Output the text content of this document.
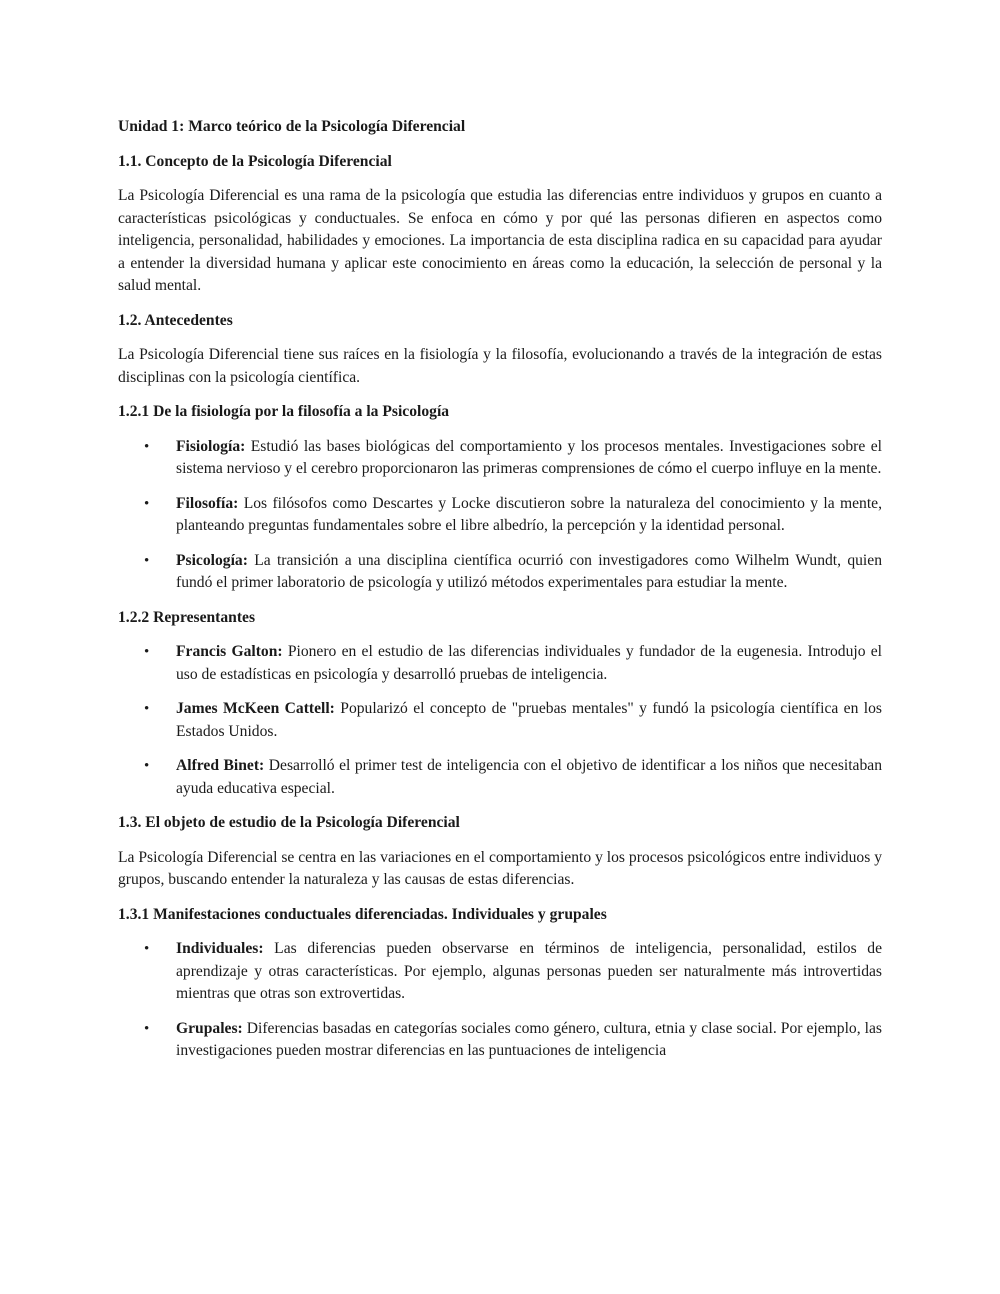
Unidad 1: Marco teórico de la Psicología Diferencial
1.1. Concepto de la Psicología Diferencial

La Psicología Diferencial es una rama de la psicología que estudia las diferencias entre individuos y grupos en cuanto a características psicológicas y conductuales. Se enfoca en cómo y por qué las personas difieren en aspectos como inteligencia, personalidad, habilidades y emociones. La importancia de esta disciplina radica en su capacidad para ayudar a entender la diversidad humana y aplicar este conocimiento en áreas como la educación, la selección de personal y la salud mental.

1.2. Antecedentes

La Psicología Diferencial tiene sus raíces en la fisiología y la filosofía, evolucionando a través de la integración de estas disciplinas con la psicología científica.

1.2.1 De la fisiología por la filosofía a la Psicología
• Fisiología: Estudió las bases biológicas del comportamiento y los procesos mentales. Investigaciones sobre el sistema nervioso y el cerebro proporcionaron las primeras comprensiones de cómo el cuerpo influye en la mente.
• Filosofía: Los filósofos como Descartes y Locke discutieron sobre la naturaleza del conocimiento y la mente, planteando preguntas fundamentales sobre el libre albedrío, la percepción y la identidad personal.
• Psicología: La transición a una disciplina científica ocurrió con investigadores como Wilhelm Wundt, quien fundó el primer laboratorio de psicología y utilizó métodos experimentales para estudiar la mente.
1.2.2 Representantes
• Francis Galton: Pionero en el estudio de las diferencias individuales y fundador de la eugenesia. Introdujo el uso de estadísticas en psicología y desarrolló pruebas de inteligencia.
• James McKeen Cattell: Popularizó el concepto de "pruebas mentales" y fundó la psicología científica en los Estados Unidos.
• Alfred Binet: Desarrolló el primer test de inteligencia con el objetivo de identificar a los niños que necesitaban ayuda educativa especial.
1.3. El objeto de estudio de la Psicología Diferencial

La Psicología Diferencial se centra en las variaciones en el comportamiento y los procesos psicológicos entre individuos y grupos, buscando entender la naturaleza y las causas de estas diferencias.

1.3.1 Manifestaciones conductuales diferenciadas. Individuales y grupales
• Individuales: Las diferencias pueden observarse en términos de inteligencia, personalidad, estilos de aprendizaje y otras características. Por ejemplo, algunas personas pueden ser naturalmente más introvertidas mientras que otras son extrovertidas.
• Grupales: Diferencias basadas en categorías sociales como género, cultura, etnia y clase social. Por ejemplo, las investigaciones pueden mostrar diferencias en las puntuaciones de inteligencia
